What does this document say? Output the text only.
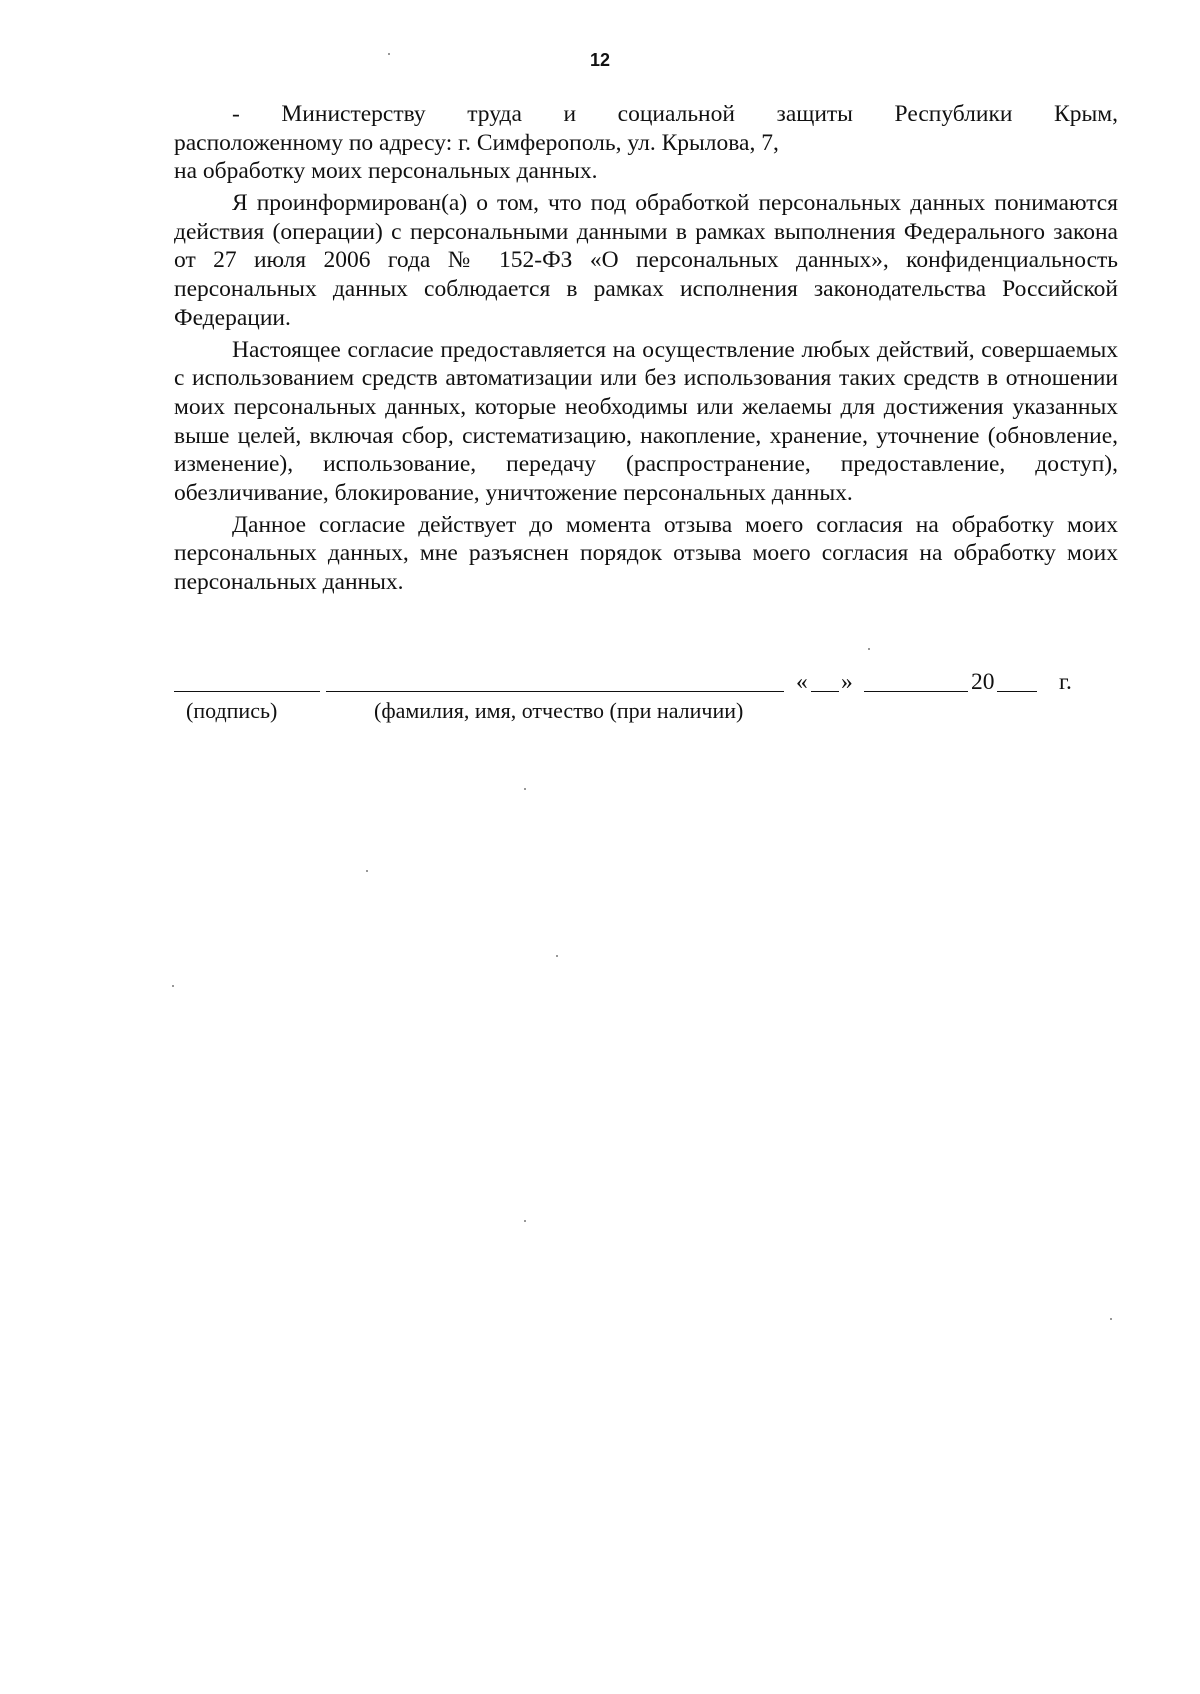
12

- Министерству труда и социальной защиты Республики Крым,

расположенному по адресу: г. Симферополь, ул. Крылова, 7,

на обработку моих персональных данных.

Я проинформирован(а) о том, что под обработкой персональных данных понимаются действия (операции) с персональными данными в рамках выполнения Федерального закона от 27 июля 2006 года № 152-ФЗ «О персональных данных», конфиденциальность персональных данных соблюдается в рамках исполнения законодательства Российской Федерации.

Настоящее согласие предоставляется на осуществление любых действий, совершаемых с использованием средств автоматизации или без использования таких средств в отношении моих персональных данных, которые необходимы или желаемы для достижения указанных выше целей, включая сбор, систематизацию, накопление, хранение, уточнение (обновление, изменение), использование, передачу (распространение, предоставление, доступ), обезличивание, блокирование, уничтожение персональных данных.

Данное согласие действует до момента отзыва моего согласия на обработку моих персональных данных, мне разъяснен порядок отзыва моего согласия на обработку моих персональных данных.

« »	20	г.
(подпись)	(фамилия, имя, отчество (при наличии)
